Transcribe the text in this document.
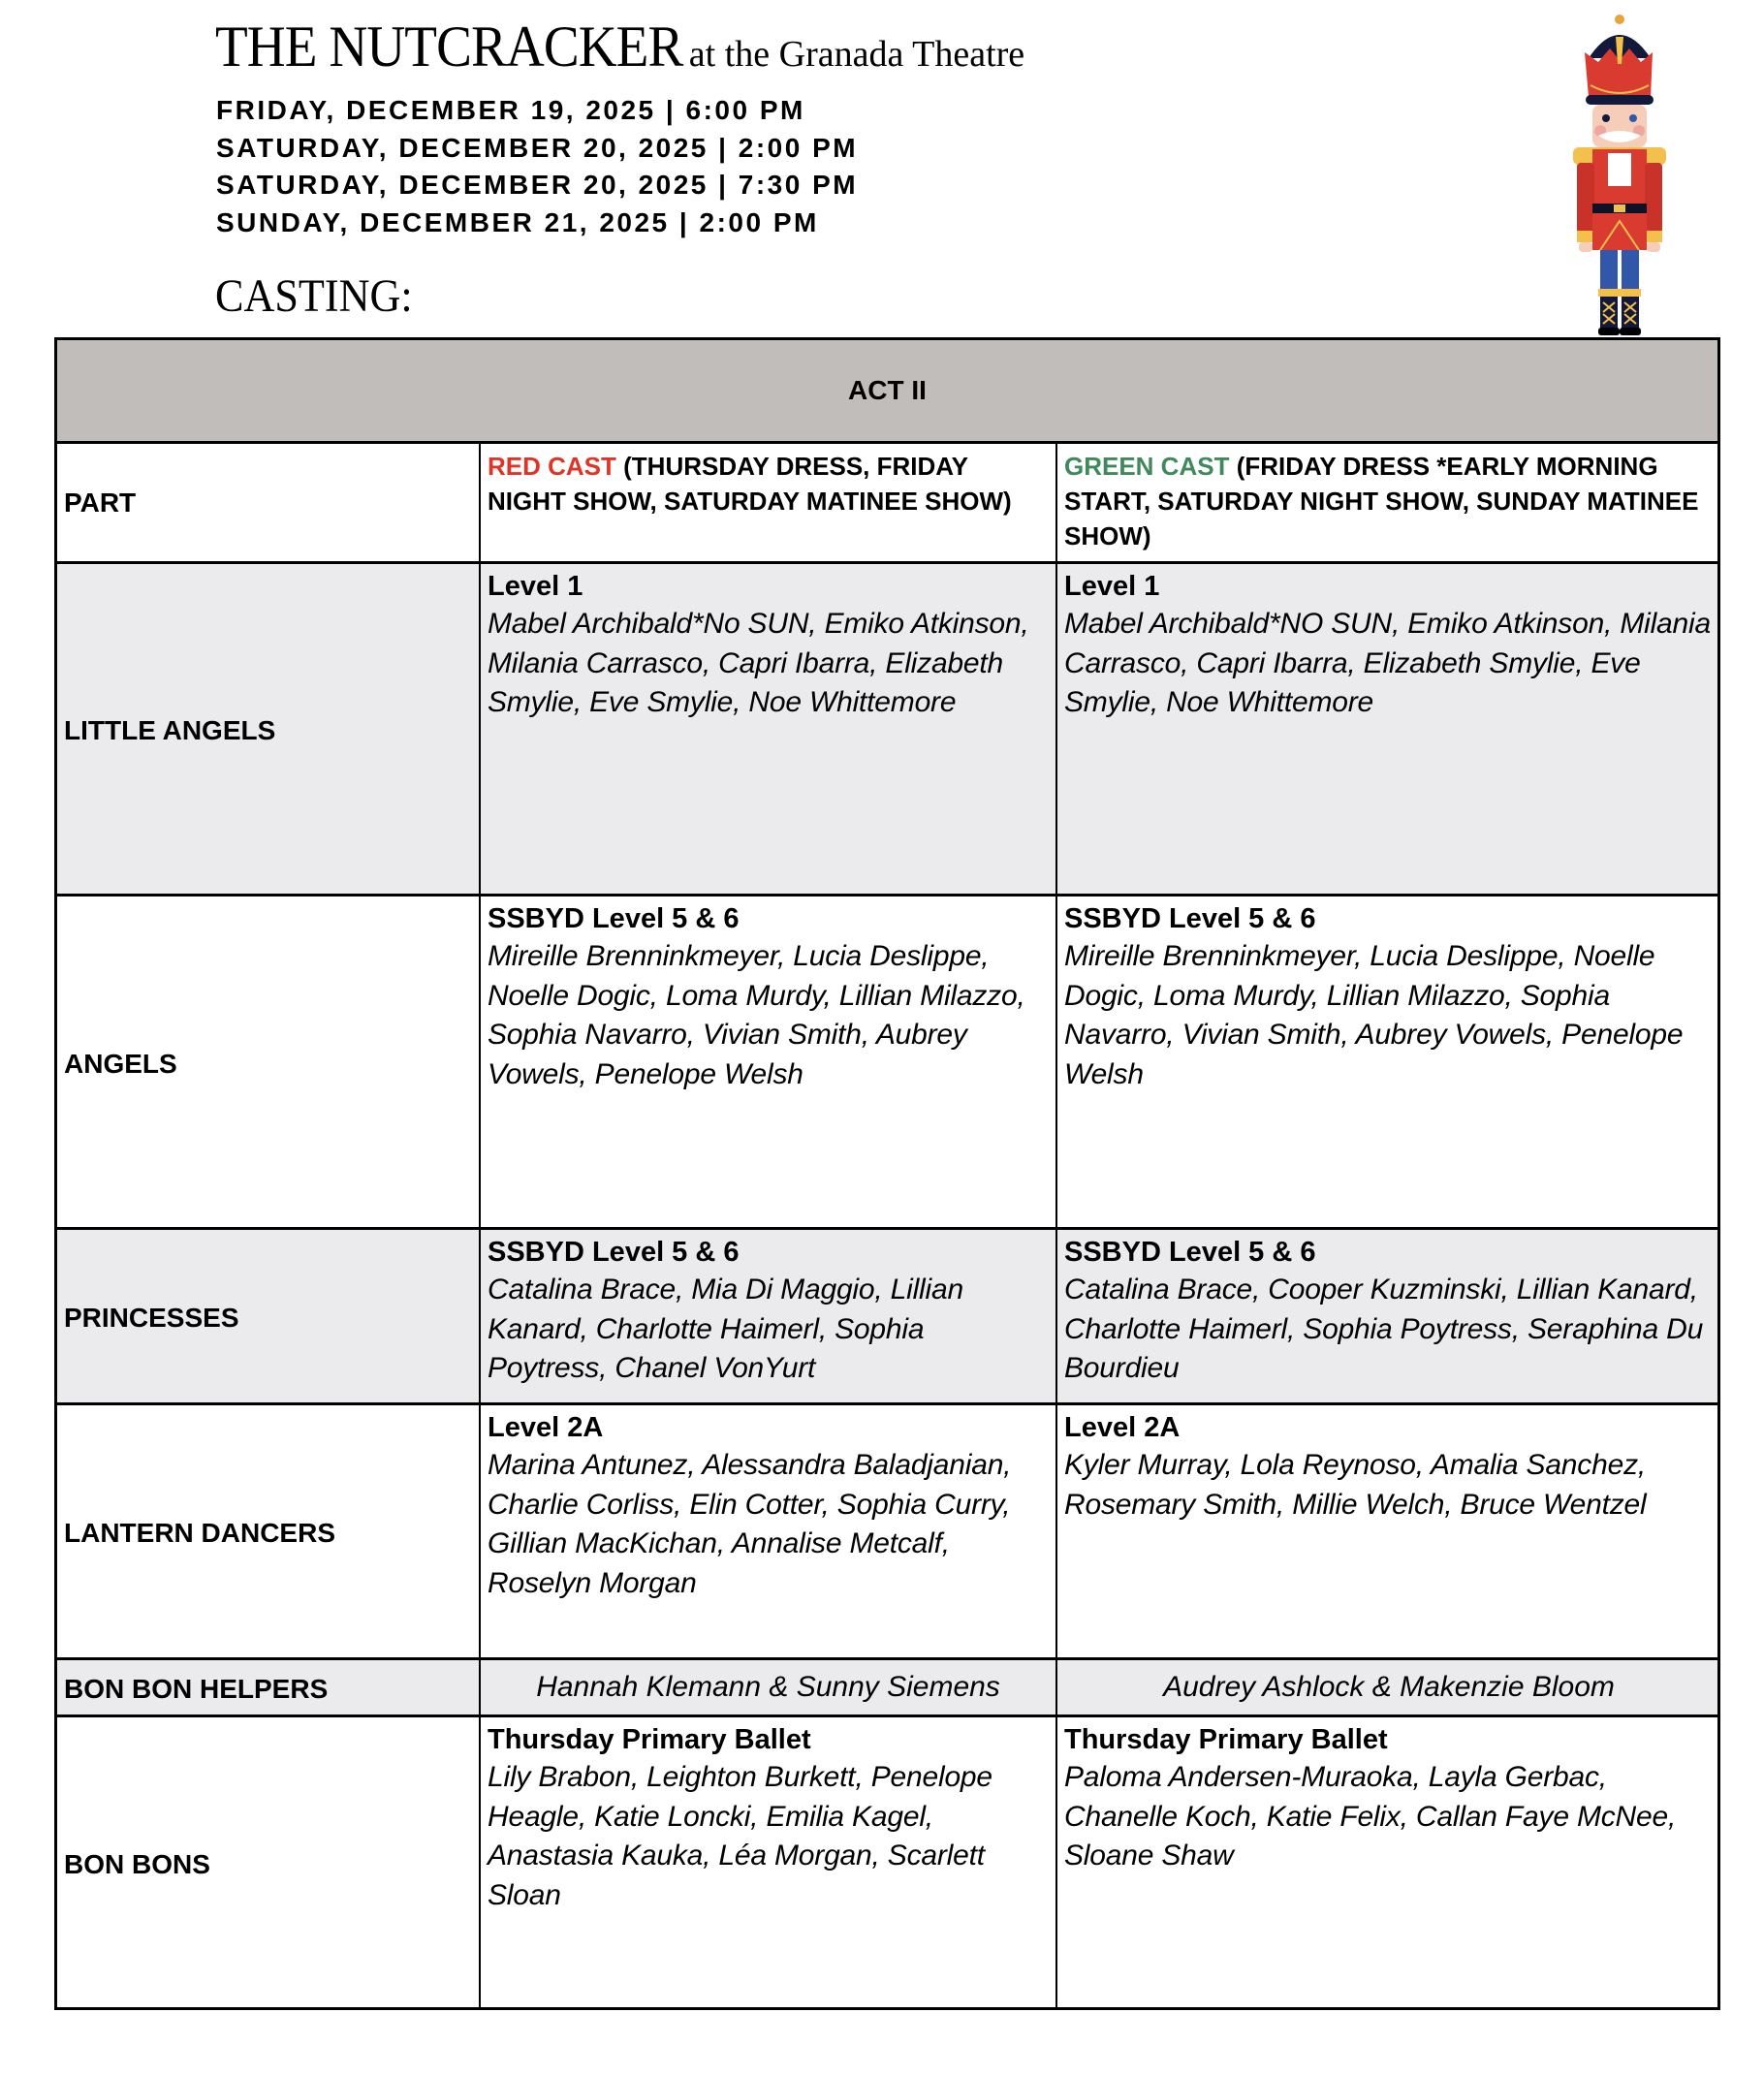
THE NUTCRACKER at the Granada Theatre
FRIDAY, DECEMBER 19, 2025 | 6:00 PM
SATURDAY, DECEMBER 20, 2025 | 2:00 PM
SATURDAY, DECEMBER 20, 2025 | 7:30 PM
SUNDAY, DECEMBER 21, 2025 | 2:00 PM
CASTING:
ACT II
PART
RED CAST (THURSDAY DRESS, FRIDAY NIGHT SHOW, SATURDAY MATINEE SHOW)
GREEN CAST (FRIDAY DRESS *EARLY MORNING START, SATURDAY NIGHT SHOW, SUNDAY MATINEE SHOW)
LITTLE ANGELS
Level 1
Mabel Archibald*No SUN, Emiko Atkinson, Milania Carrasco, Capri Ibarra, Elizabeth Smylie, Eve Smylie, Noe Whittemore
Level 1
Mabel Archibald*NO SUN, Emiko Atkinson, Milania Carrasco, Capri Ibarra, Elizabeth Smylie, Eve Smylie, Noe Whittemore
ANGELS
SSBYD Level 5 & 6
Mireille Brenninkmeyer, Lucia Deslippe, Noelle Dogic, Loma Murdy, Lillian Milazzo, Sophia Navarro, Vivian Smith, Aubrey Vowels, Penelope Welsh
SSBYD Level 5 & 6
Mireille Brenninkmeyer, Lucia Deslippe, Noelle Dogic, Loma Murdy, Lillian Milazzo, Sophia Navarro, Vivian Smith, Aubrey Vowels, Penelope Welsh
PRINCESSES
SSBYD Level 5 & 6
Catalina Brace, Mia Di Maggio, Lillian Kanard, Charlotte Haimerl, Sophia Poytress, Chanel VonYurt
SSBYD Level 5 & 6
Catalina Brace, Cooper Kuzminski, Lillian Kanard, Charlotte Haimerl, Sophia Poytress, Seraphina Du Bourdieu
LANTERN DANCERS
Level 2A
Marina Antunez, Alessandra Baladjanian, Charlie Corliss, Elin Cotter, Sophia Curry, Gillian MacKichan, Annalise Metcalf, Roselyn Morgan
Level 2A
Kyler Murray, Lola Reynoso, Amalia Sanchez, Rosemary Smith, Millie Welch, Bruce Wentzel
BON BON HELPERS	Hannah Klemann & Sunny Siemens	Audrey Ashlock & Makenzie Bloom
BON BONS
Thursday Primary Ballet
Lily Brabon, Leighton Burkett, Penelope Heagle, Katie Loncki, Emilia Kagel, Anastasia Kauka, Léa Morgan, Scarlett Sloan
Thursday Primary Ballet
Paloma Andersen-Muraoka, Layla Gerbac, Chanelle Koch, Katie Felix, Callan Faye McNee, Sloane Shaw
